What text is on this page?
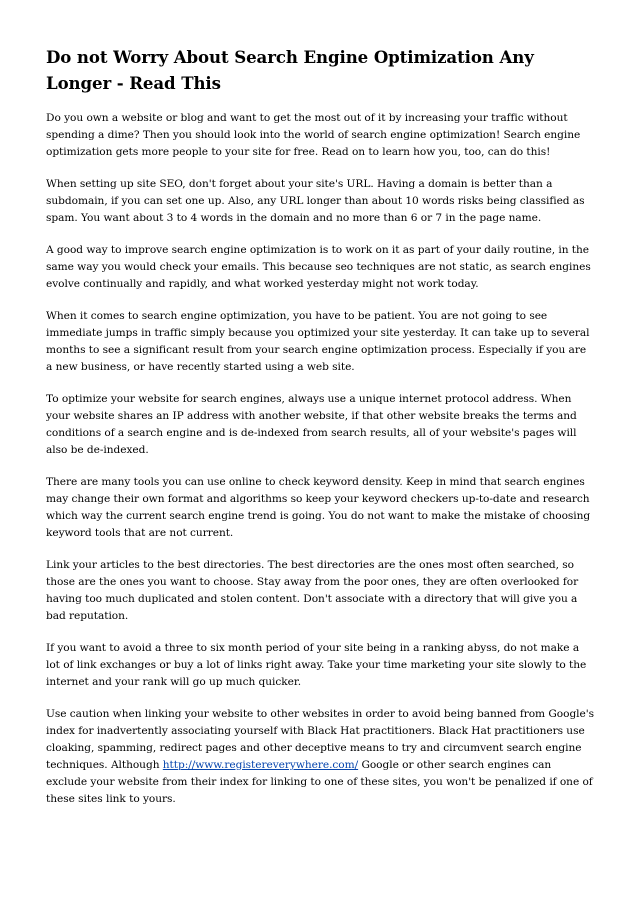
Do not Worry About Search Engine Optimization Any Longer - Read This

Do you own a website or blog and want to get the most out of it by increasing your traffic without spending a dime? Then you should look into the world of search engine optimization! Search engine optimization gets more people to your site for free. Read on to learn how you, too, can do this!

When setting up site SEO, don't forget about your site's URL. Having a domain is better than a subdomain, if you can set one up. Also, any URL longer than about 10 words risks being classified as spam. You want about 3 to 4 words in the domain and no more than 6 or 7 in the page name.

A good way to improve search engine optimization is to work on it as part of your daily routine, in the same way you would check your emails. This because seo techniques are not static, as search engines evolve continually and rapidly, and what worked yesterday might not work today.

When it comes to search engine optimization, you have to be patient. You are not going to see immediate jumps in traffic simply because you optimized your site yesterday. It can take up to several months to see a significant result from your search engine optimization process. Especially if you are a new business, or have recently started using a web site.

To optimize your website for search engines, always use a unique internet protocol address. When your website shares an IP address with another website, if that other website breaks the terms and conditions of a search engine and is de-indexed from search results, all of your website's pages will also be de-indexed.

There are many tools you can use online to check keyword density. Keep in mind that search engines may change their own format and algorithms so keep your keyword checkers up-to-date and research which way the current search engine trend is going. You do not want to make the mistake of choosing keyword tools that are not current.

Link your articles to the best directories. The best directories are the ones most often searched, so those are the ones you want to choose. Stay away from the poor ones, they are often overlooked for having too much duplicated and stolen content. Don't associate with a directory that will give you a bad reputation.

If you want to avoid a three to six month period of your site being in a ranking abyss, do not make a lot of link exchanges or buy a lot of links right away. Take your time marketing your site slowly to the internet and your rank will go up much quicker.

Use caution when linking your website to other websites in order to avoid being banned from Google's index for inadvertently associating yourself with Black Hat practitioners. Black Hat practitioners use cloaking, spamming, redirect pages and other deceptive means to try and circumvent search engine techniques. Although http://www.registereverywhere.com/ Google or other search engines can exclude your website from their index for linking to one of these sites, you won't be penalized if one of these sites link to yours.
